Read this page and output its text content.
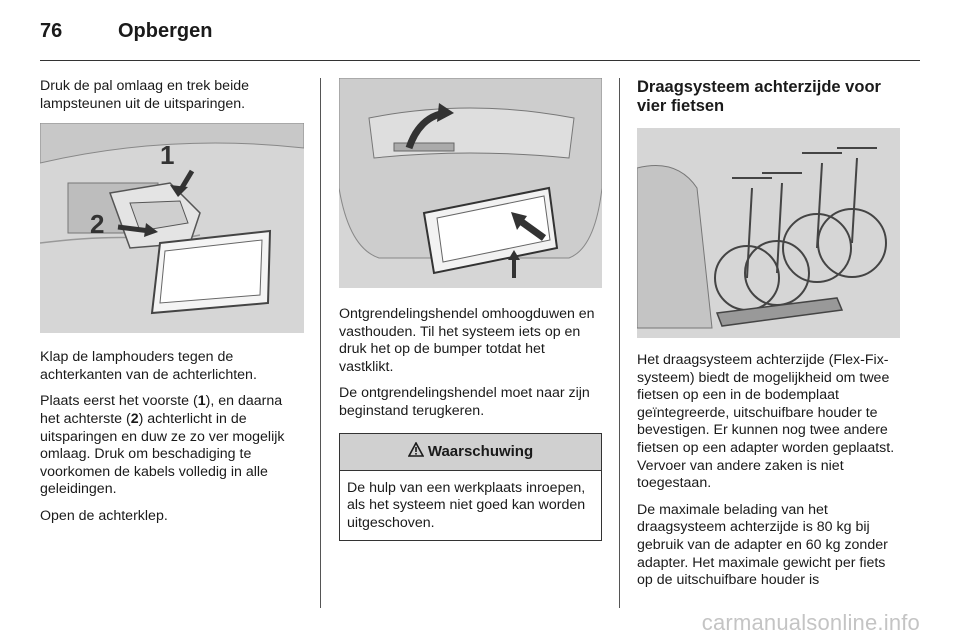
76	Opbergen

Druk de pal omlaag en trek beide lampsteunen uit de uitsparingen.

1
2

Klap de lamphouders tegen de achterkanten van de achterlichten.

Plaats eerst het voorste (1), en daarna het achterste (2) achterlicht in de uitsparingen en duw ze zo ver mogelijk omlaag. Druk om beschadiging te voorkomen de kabels volledig in alle geleidingen.

Open de achterklep.

Ontgrendelingshendel omhoogduwen en vasthouden. Til het systeem iets op en druk het op de bumper totdat het vastklikt.

De ontgrendelingshendel moet naar zijn beginstand terugkeren.

Waarschuwing
De hulp van een werkplaats inroepen, als het systeem niet goed kan worden uitgeschoven.
Draagsysteem achterzijde voor vier fietsen

Het draagsysteem achterzijde (Flex-Fix-systeem) biedt de mogelijkheid om twee fietsen op een in de bodemplaat geïntegreerde, uitschuifbare houder te bevestigen. Er kunnen nog twee andere fietsen op een adapter worden geplaatst. Vervoer van andere zaken is niet toegestaan.

De maximale belading van het draagsysteem achterzijde is 80 kg bij gebruik van de adapter en 60 kg zonder adapter. Het maximale gewicht per fiets op de uitschuifbare houder is

carmanualsonline.info
